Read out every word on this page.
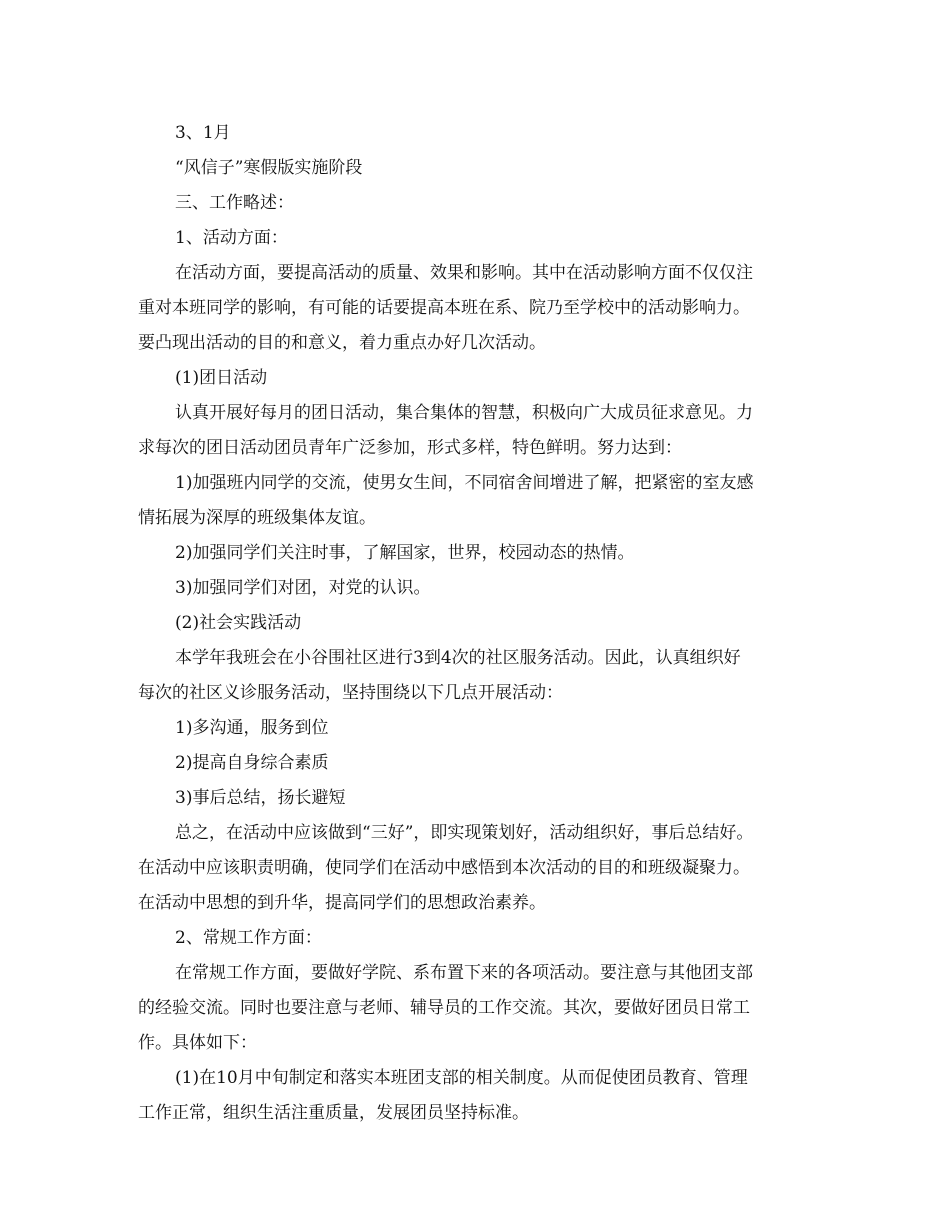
3、1月
“风信子”寒假版实施阶段
三、工作略述：
1、活动方面：
在活动方面，要提高活动的质量、效果和影响。其中在活动影响方面不仅仅注
重对本班同学的影响，有可能的话要提高本班在系、院乃至学校中的活动影响力。
要凸现出活动的目的和意义，着力重点办好几次活动。
(1)团日活动
认真开展好每月的团日活动，集合集体的智慧，积极向广大成员征求意见。力
求每次的团日活动团员青年广泛参加，形式多样，特色鲜明。努力达到：
1)加强班内同学的交流，使男女生间，不同宿舍间增进了解，把紧密的室友感
情拓展为深厚的班级集体友谊。
2)加强同学们关注时事，了解国家，世界，校园动态的热情。
3)加强同学们对团，对党的认识。
(2)社会实践活动
本学年我班会在小谷围社区进行3到4次的社区服务活动。因此，认真组织好
每次的社区义诊服务活动，坚持围绕以下几点开展活动：
1)多沟通，服务到位
2)提高自身综合素质
3)事后总结，扬长避短
总之，在活动中应该做到“三好”，即实现策划好，活动组织好，事后总结好。
在活动中应该职责明确，使同学们在活动中感悟到本次活动的目的和班级凝聚力。
在活动中思想的到升华，提高同学们的思想政治素养。
2、常规工作方面：
在常规工作方面，要做好学院、系布置下来的各项活动。要注意与其他团支部
的经验交流。同时也要注意与老师、辅导员的工作交流。其次，要做好团员日常工
作。具体如下：
(1)在10月中旬制定和落实本班团支部的相关制度。从而促使团员教育、管理
工作正常，组织生活注重质量，发展团员坚持标准。
